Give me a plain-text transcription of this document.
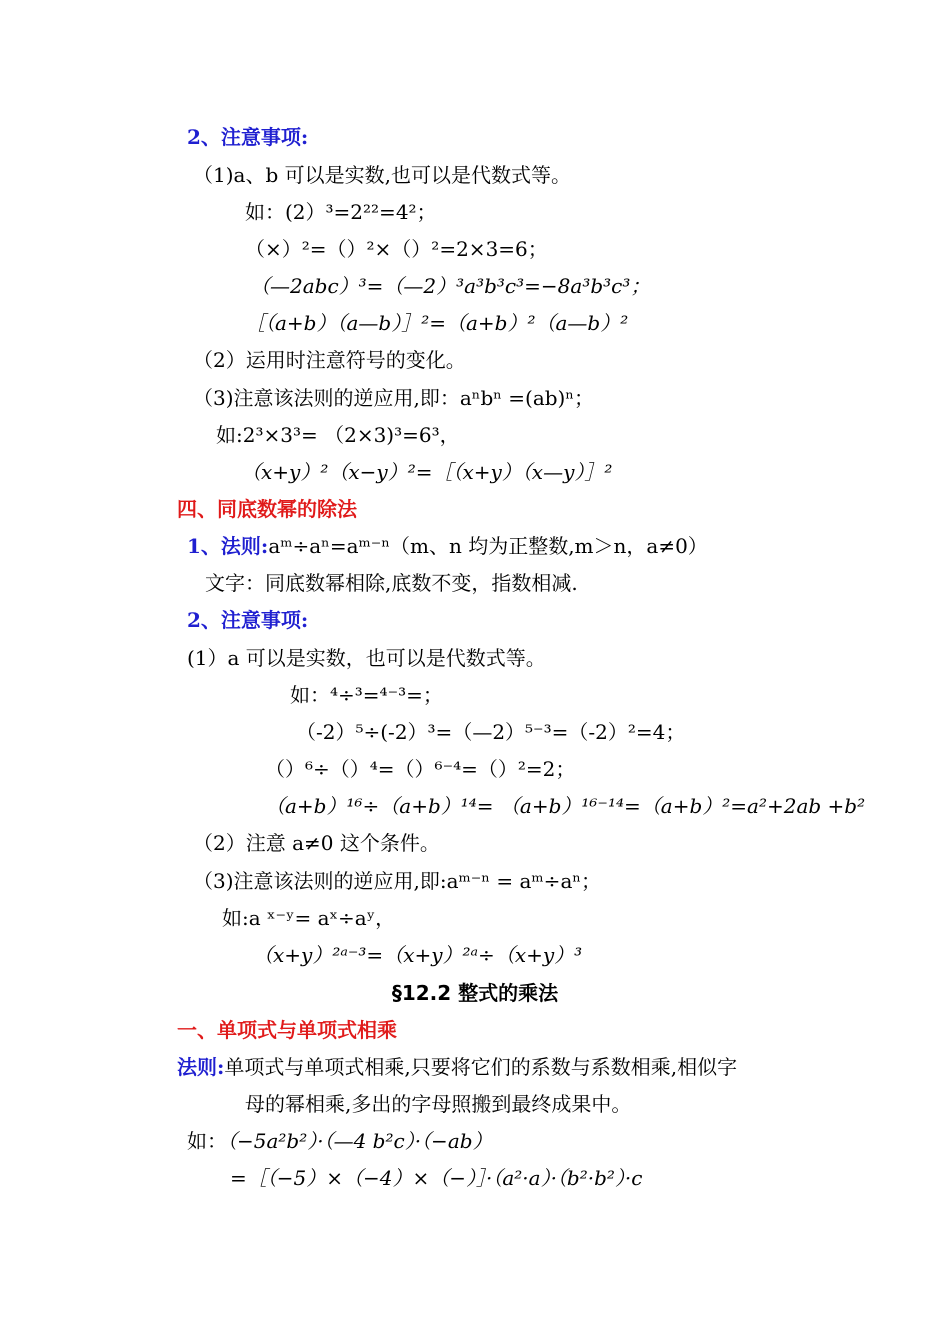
2、注意事项:
（1)a、b 可以是实数,也可以是代数式等。
如：(2）³=2²²=4²；
（×）²=（）²×（）²=2×3=6；
（—2abc）³=（—2）³a³b³c³=−8a³b³c³；
［（a+b）（a—b）］²=（a+b）²（a—b）²
（2）运用时注意符号的变化。
（3)注意该法则的逆应用,即：aⁿbⁿ =(ab)ⁿ；
如:2³×3³= （2×3)³=6³，
（x+y）²（x−y）²=［（x+y）（x—y）］²
四、同底数幂的除法
1、法则:aᵐ÷aⁿ=aᵐ⁻ⁿ（m、n 均为正整数,m＞n，a≠0）
文字：同底数幂相除,底数不变，指数相减.
2、注意事项:
(1）a 可以是实数，也可以是代数式等。
如：⁴÷³=⁴⁻³=；
（-2）⁵÷(-2）³=（—2）⁵⁻³=（-2）²=4；
（）⁶÷（）⁴=（）⁶⁻⁴=（）²=2；
（a+b）¹⁶÷（a+b）¹⁴= （a+b）¹⁶⁻¹⁴=（a+b）²=a²+2ab +b²
（2）注意 a≠0 这个条件。
（3)注意该法则的逆应用,即:aᵐ⁻ⁿ = aᵐ÷aⁿ；
如:a ˣ⁻ʸ= aˣ÷aʸ，
（x+y）²ᵃ⁻³=（x+y）²ᵃ÷（x+y）³
§12.2 整式的乘法
一、单项式与单项式相乘
法则:单项式与单项式相乘,只要将它们的系数与系数相乘,相似字
母的幂相乘,多出的字母照搬到最终成果中。
如：（−5a²b²）·（—4 b²c）·（−ab）
=［（−5）×（−4）×（−）］·（a²·a）·（b²·b²）·c
